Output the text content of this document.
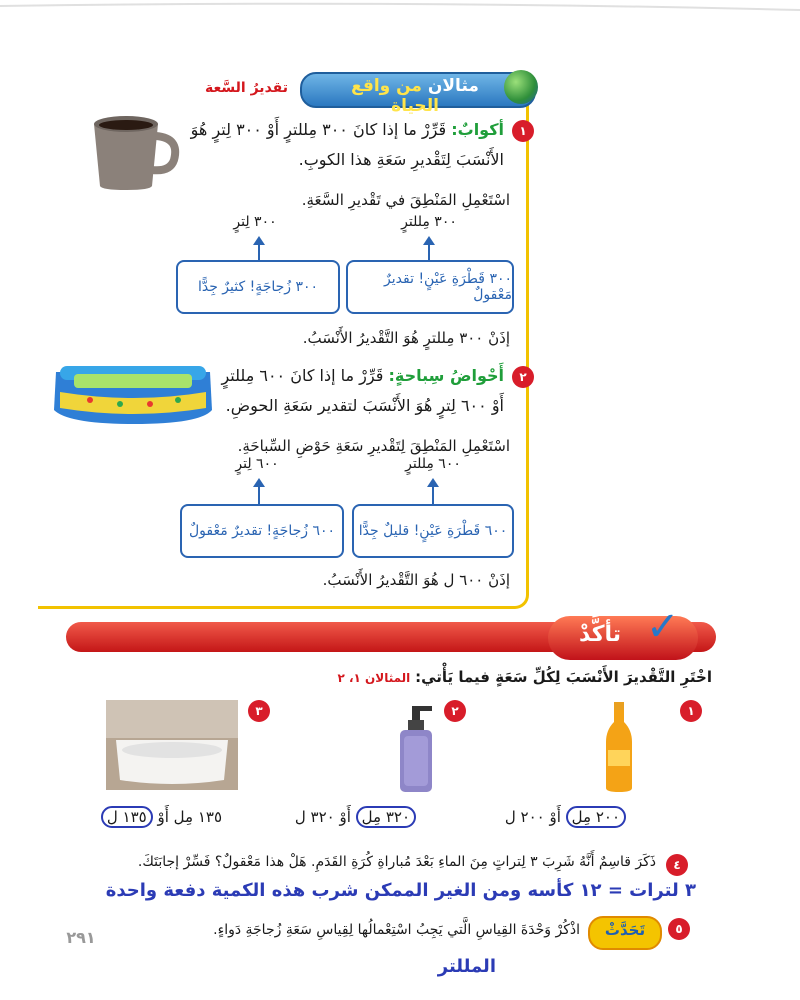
مثالان من واقع الحياة
تقديرُ السَّعة
١
أكوابٌ: قَرِّرْ ما إذا كانَ ٣٠٠ مِللترٍ أَوْ ٣٠٠ لِترٍ هُوَ
الأَنْسَبَ لِتَقْديرِ سَعَةِ هذا الكوبِ.
اسْتَعْمِلِ المَنْطِقَ في تَقْديرِ السَّعَةِ.
٣٠٠ لِترٍ	٣٠٠ مِللترٍ
٣٠٠ زُجاجَةٍ! كثيرٌ جِدًّا	٣٠٠ قَطْرَةِ عَيْنٍ! تقديرٌ مَعْقولٌ
إذَنْ ٣٠٠ مِللترٍ هُوَ التَّقْديرُ الأَنْسَبُ.
٢
أَحْواضُ سِباحةٍ: قَرِّرْ ما إذا كانَ ٦٠٠ مِللترٍ
أَوْ ٦٠٠ لِترٍ هُوَ الأَنْسَبَ لتقدير سَعَةِ الحوضِ.
اسْتَعْمِلِ المَنْطِقَ لِتَقْديرِ سَعَةِ حَوْضِ السِّباحَةِ.
٦٠٠ لِترٍ	٦٠٠ مِللترٍ
٦٠٠ زُجاجَةٍ! تقديرٌ مَعْقولٌ	٦٠٠ قَطْرَةِ عَيْنٍ! قليلٌ جِدًّا
إذَنْ ٦٠٠ ل هُوَ التَّقْديرُ الأَنْسَبُ.
تأكَّدْ ✓
اخْتَرِ التَّقْديرَ الأَنْسَبَ لِكُلِّ سَعَةٍ فيما يَأْتي: المثالان ١، ٢
١
٢
٣
٢٠٠ مِل أَوْ ٢٠٠ ل
٣٢٠ مِل أَوْ ٣٢٠ ل
١٣٥ مِل أَوْ ١٣٥ ل
٤
ذَكَرَ قاسِمٌ أَنَّهُ شَرِبَ ٣ لِتراتٍ مِنَ الماءِ بَعْدَ مُباراةِ كُرَةِ القَدَمِ. هَلْ هذا مَعْقولٌ؟ فَسِّرْ إجابَتَكَ.
٣ لترات = ١٢ كأسه ومن الغير الممكن شرب هذه الكمية دفعة واحدة
٥
تَحَدَّثْ
اذْكُرْ وَحْدَةَ القِياسِ الَّتي يَجِبُ اسْتِعْمالُها لِقِياسِ سَعَةِ زُجاجَةِ دَواءٍ.
المللتر
٢٩١
